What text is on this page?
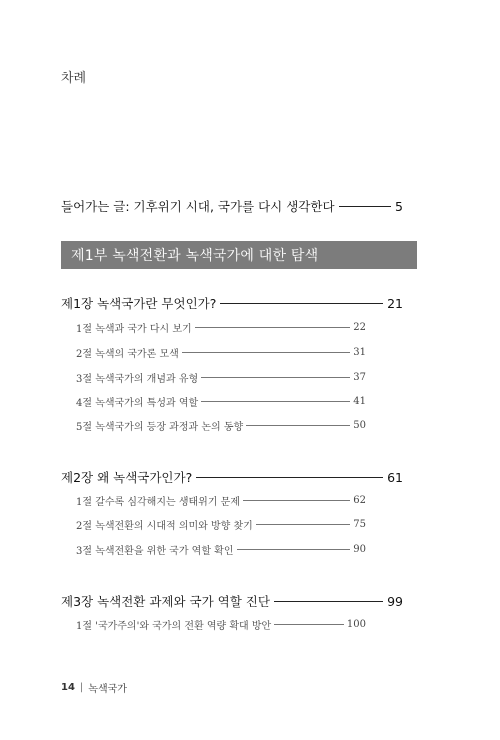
차례
들어가는 글: 기후위기 시대, 국가를 다시 생각한다	5
제1부 녹색전환과 녹색국가에 대한 탐색
제1장 녹색국가란 무엇인가?	21
1절 녹색과 국가 다시 보기	22
2절 녹색의 국가론 모색	31
3절 녹색국가의 개념과 유형	37
4절 녹색국가의 특성과 역할	41
5절 녹색국가의 등장 과정과 논의 동향	50
제2장 왜 녹색국가인가?	61
1절 갈수록 심각해지는 생태위기 문제	62
2절 녹색전환의 시대적 의미와 방향 찾기	75
3절 녹색전환을 위한 국가 역할 확인	90
제3장 녹색전환 과제와 국가 역할 진단	99
1절 '국가주의'와 국가의 전환 역량 확대 방안	100
14 | 녹색국가
